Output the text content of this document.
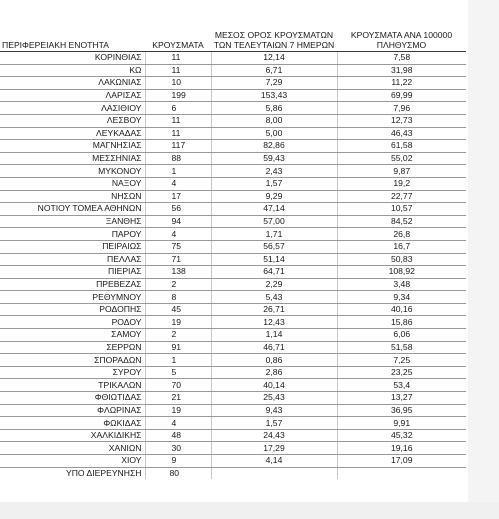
ΠΕΡΙΦΕΡΕΙΑΚΗ ΕΝΟΤΗΤΑ	ΚΡΟΥΣΜΑΤΑ	ΜΕΣΟΣ ΟΡΟΣ ΚΡΟΥΣΜΑΤΩΝ ΤΩΝ ΤΕΛΕΥΤΑΙΩΝ 7 ΗΜΕΡΩΝ	ΚΡΟΥΣΜΑΤΑ ΑΝΑ 100000 ΠΛΗΘΥΣΜΟ
ΚΟΡΙΝΘΙΑΣ	11	12,14	7,58
ΚΩ	11	6,71	31,98
ΛΑΚΩΝΙΑΣ	10	7,29	11,22
ΛΑΡΙΣΑΣ	199	153,43	69,99
ΛΑΣΙΘΙΟΥ	6	5,86	7,96
ΛΕΣΒΟΥ	11	8,00	12,73
ΛΕΥΚΑΔΑΣ	11	5,00	46,43
ΜΑΓΝΗΣΙΑΣ	117	82,86	61,58
ΜΕΣΣΗΝΙΑΣ	88	59,43	55,02
ΜΥΚΟΝΟΥ	1	2,43	9,87
ΝΑΞΟΥ	4	1,57	19,2
ΝΗΣΩΝ	17	9,29	22,77
ΝΟΤΙΟΥ ΤΟΜΕΑ ΑΘΗΝΩΝ	56	47,14	10,57
ΞΑΝΘΗΣ	94	57,00	84,52
ΠΑΡΟΥ	4	1,71	26,8
ΠΕΙΡΑΙΩΣ	75	56,57	16,7
ΠΕΛΛΑΣ	71	51,14	50,83
ΠΙΕΡΙΑΣ	138	64,71	108,92
ΠΡΕΒΕΖΑΣ	2	2,29	3,48
ΡΕΘΥΜΝΟΥ	8	5,43	9,34
ΡΟΔΟΠΗΣ	45	26,71	40,16
ΡΟΔΟΥ	19	12,43	15,86
ΣΑΜΟΥ	2	1,14	6,06
ΣΕΡΡΩΝ	91	46,71	51,58
ΣΠΟΡΑΔΩΝ	1	0,86	7,25
ΣΥΡΟΥ	5	2,86	23,25
ΤΡΙΚΑΛΩΝ	70	40,14	53,4
ΦΘΙΩΤΙΔΑΣ	21	25,43	13,27
ΦΛΩΡΙΝΑΣ	19	9,43	36,95
ΦΩΚΙΔΑΣ	4	1,57	9,91
ΧΑΛΚΙΔΙΚΗΣ	48	24,43	45,32
ΧΑΝΙΩΝ	30	17,29	19,16
ΧΙΟΥ	9	4,14	17,09
ΥΠΟ ΔΙΕΡΕΥΝΗΣΗ	80		
